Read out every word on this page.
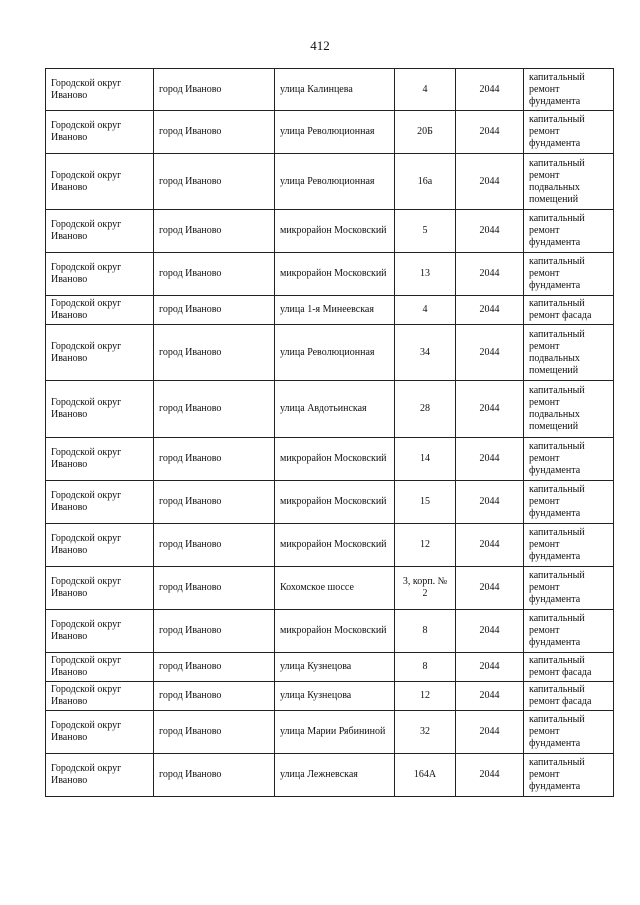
412
Городской округ Иваново	город Иваново	улица Калинцева	4	2044	капитальный ремонт фундамента
Городской округ Иваново	город Иваново	улица Революционная	20Б	2044	капитальный ремонт фундамента
Городской округ Иваново	город Иваново	улица Революционная	16а	2044	капитальный ремонт подвальных помещений
Городской округ Иваново	город Иваново	микрорайон Московский	5	2044	капитальный ремонт фундамента
Городской округ Иваново	город Иваново	микрорайон Московский	13	2044	капитальный ремонт фундамента
Городской округ Иваново	город Иваново	улица 1-я Минеевская	4	2044	капитальный ремонт фасада
Городской округ Иваново	город Иваново	улица Революционная	34	2044	капитальный ремонт подвальных помещений
Городской округ Иваново	город Иваново	улица Авдотьинская	28	2044	капитальный ремонт подвальных помещений
Городской округ Иваново	город Иваново	микрорайон Московский	14	2044	капитальный ремонт фундамента
Городской округ Иваново	город Иваново	микрорайон Московский	15	2044	капитальный ремонт фундамента
Городской округ Иваново	город Иваново	микрорайон Московский	12	2044	капитальный ремонт фундамента
Городской округ Иваново	город Иваново	Кохомское шоссе	3, корп. № 2	2044	капитальный ремонт фундамента
Городской округ Иваново	город Иваново	микрорайон Московский	8	2044	капитальный ремонт фундамента
Городской округ Иваново	город Иваново	улица Кузнецова	8	2044	капитальный ремонт фасада
Городской округ Иваново	город Иваново	улица Кузнецова	12	2044	капитальный ремонт фасада
Городской округ Иваново	город Иваново	улица Марии Рябининой	32	2044	капитальный ремонт фундамента
Городской округ Иваново	город Иваново	улица Лежневская	164А	2044	капитальный ремонт фундамента
